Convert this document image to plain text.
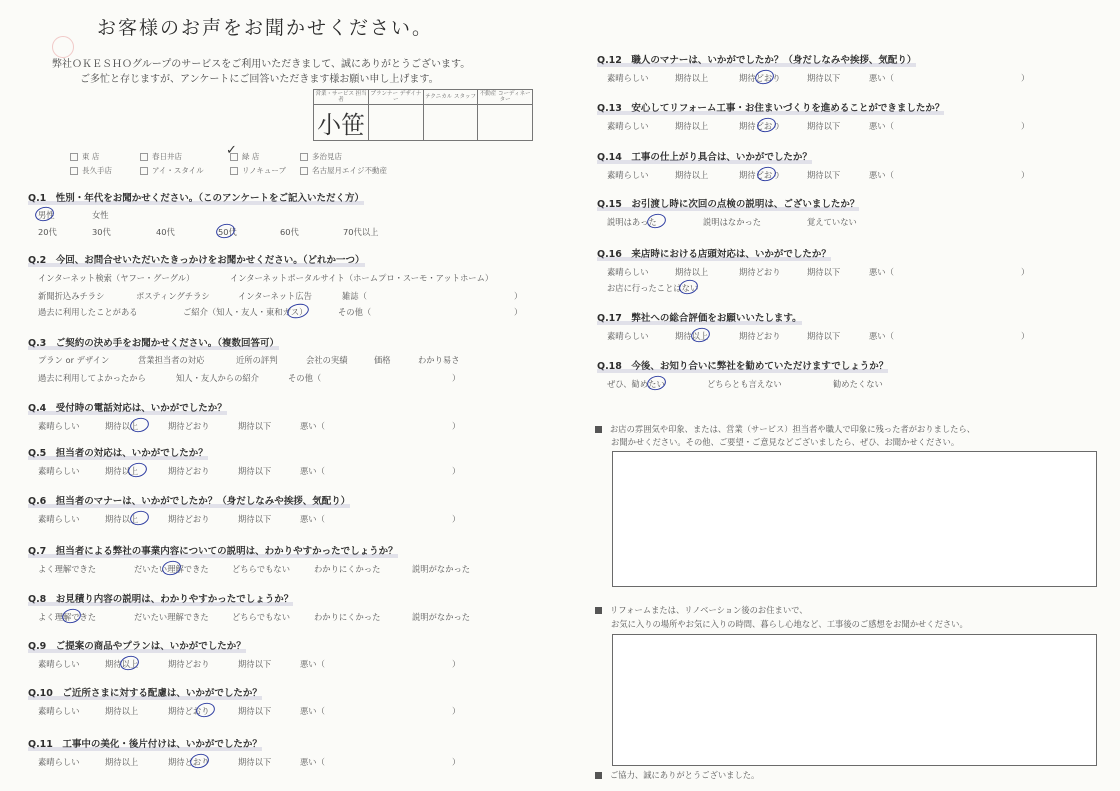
お客様のお声をお聞かせください。
弊社ＯＫＥＳＨＯグループのサービスをご利用いただきまして、誠にありがとうございます。
ご多忙と存じますが、アンケートにご回答いただきます様お願い申し上げます。
営業・サービス 担当者	プランナー デザイナー	テクニカル スタッフ	不動産 コーディネーター
小笹			
東 店	春日井店	✓ 緑 店	多治見店
長久手店	アイ・スタイル	リノキューブ	名古屋月エイジ不動産
Q.1　性別・年代をお聞かせください。（このアンケートをご記入いただく方）
男性	女性
20代	30代	40代	50代	60代	70代以上
Q.2　今回、お問合せいただいたきっかけをお聞かせください。（どれか一つ）
インターネット検索（ヤフー・グーグル）	インターネットポータルサイト（ホームプロ・スーモ・アットホーム）
新聞折込みチラシ	ポスティングチラシ	インターネット広告	雑誌（	）
過去に利用したことがある	ご紹介（知人・友人・東和ガス）	その他（	）
Q.3　ご契約の決め手をお聞かせください。（複数回答可）
プラン or デザイン	営業担当者の対応	近所の評判	会社の実績	価格	わかり易さ
過去に利用してよかったから	知人・友人からの紹介	その他（	）
お店の雰囲気や印象、または、営業（サービス）担当者や職人で印象に残った者がおりましたら、
お聞かせください。その他、ご要望・ご意見などございましたら、ぜひ、お聞かせください。
リフォームまたは、リノベーション後のお住まいで、
お気に入りの場所やお気に入りの時間、暮らし心地など、工事後のご感想をお聞かせください。
ご協力、誠にありがとうございました。
Q.4　受付時の電話対応は、いかがでしたか？
素晴らしい	期待以上	期待どおり	期待以下	悪い（	）
Q.5　担当者の対応は、いかがでしたか？
素晴らしい	期待以上	期待どおり	期待以下	悪い（	）
Q.6　担当者のマナーは、いかがでしたか？（身だしなみや挨拶、気配り）
素晴らしい	期待以上	期待どおり	期待以下	悪い（	）
Q.7　担当者による弊社の事業内容についての説明は、わかりやすかったでしょうか？
よく理解できた	だいたい理解できた	どちらでもない	わかりにくかった	説明がなかった
Q.8　お見積り内容の説明は、わかりやすかったでしょうか？
よく理解できた	だいたい理解できた	どちらでもない	わかりにくかった	説明がなかった
Q.9　ご提案の商品やプランは、いかがでしたか？
素晴らしい	期待以上	期待どおり	期待以下	悪い（	）
Q.10　ご近所さまに対する配慮は、いかがでしたか？
素晴らしい	期待以上	期待どおり	期待以下	悪い（	）
Q.11　工事中の美化・後片付けは、いかがでしたか？
素晴らしい	期待以上	期待どおり	期待以下	悪い（	）
Q.12　職人のマナーは、いかがでしたか？（身だしなみや挨拶、気配り）
素晴らしい	期待以上	期待どおり	期待以下	悪い（	）
Q.13　安心してリフォーム工事・お住まいづくりを進めることができましたか？
素晴らしい	期待以上	期待どおり	期待以下	悪い（	）
Q.14　工事の仕上がり具合は、いかがでしたか？
素晴らしい	期待以上	期待どおり	期待以下	悪い（	）
Q.15　お引渡し時に次回の点検の説明は、ございましたか？
説明はあった	説明はなかった	覚えていない
Q.16　来店時における店頭対応は、いかがでしたか？
素晴らしい	期待以上	期待どおり	期待以下	悪い（	）
お店に行ったことはない
Q.17　弊社への総合評価をお願いいたします。
素晴らしい	期待以上	期待どおり	期待以下	悪い（	）
Q.18　今後、お知り合いに弊社を勧めていただけますでしょうか？
ぜひ、勧めたい	どちらとも言えない	勧めたくない
